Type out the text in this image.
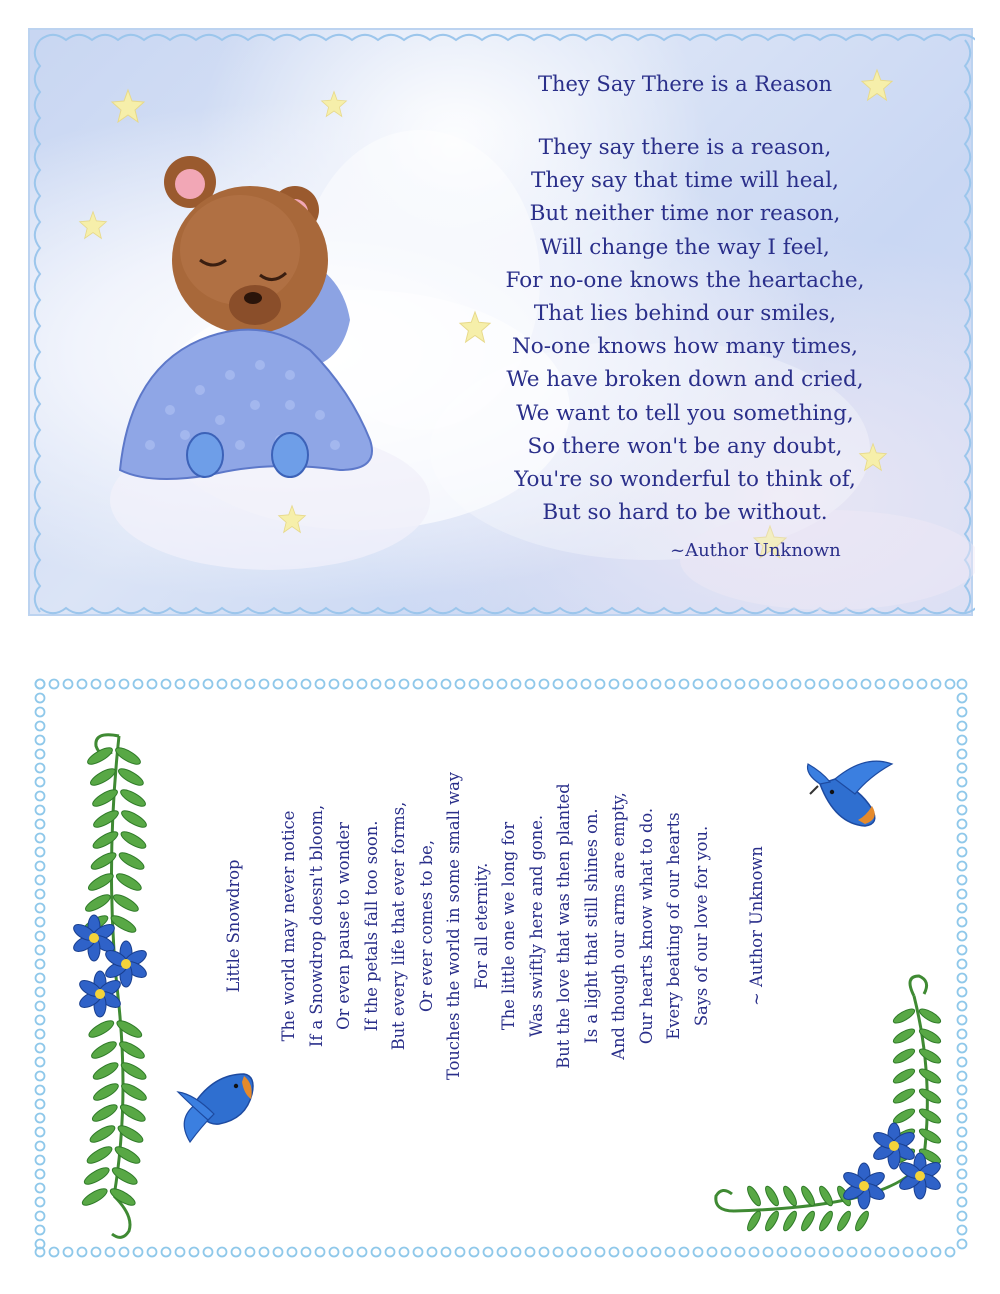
They Say There is a Reason
They say there is a reason,
They say that time will heal,
But neither time nor reason,
Will change the way I feel,
For no-one knows the heartache,
That lies behind our smiles,
No-one knows how many times,
We have broken down and cried,
We want to tell you something,
So there won't be any doubt,
You're so wonderful to think of,
But so hard to be without.
~Author Unknown
Little Snowdrop The world may never notice If a Snowdrop doesn't bloom, Or even pause to wonder If the petals fall too soon. But every life that ever forms, Or ever comes to be, Touches the world in some small way For all eternity. The little one we long for Was swiftly here and gone. But the love that was then planted Is a light that still shines on. And though our arms are empty, Our hearts know what to do. Every beating of our hearts Says of our love for you. ~ Author Unknown
